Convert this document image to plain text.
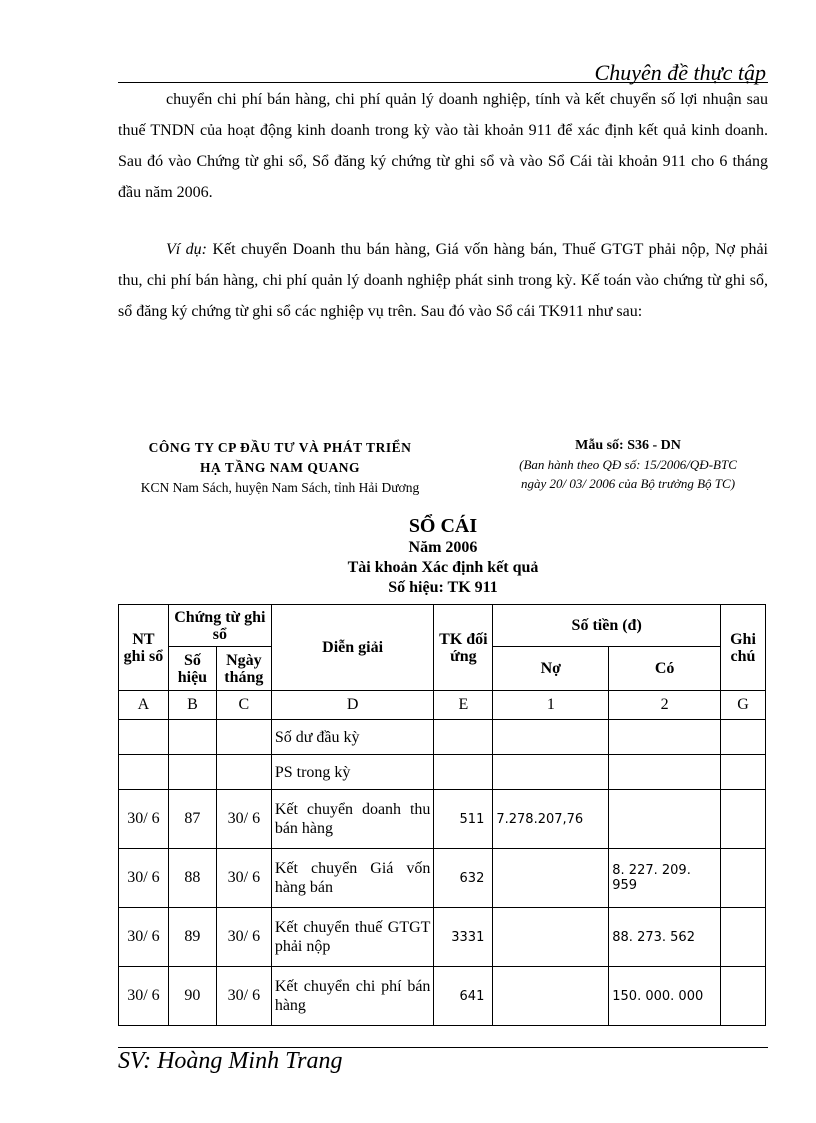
Chuyên đề thực tập
chuyển chi phí bán hàng, chi phí quản lý doanh nghiệp, tính và kết chuyển số lợi nhuận sau thuế TNDN của hoạt động kinh doanh trong kỳ vào tài khoản 911 để xác định kết quả kinh doanh. Sau đó vào Chứng từ ghi sổ, Sổ đăng ký chứng từ ghi sổ và vào Sổ Cái tài khoản 911 cho 6 tháng đầu năm 2006.
Ví dụ: Kết chuyển Doanh thu bán hàng, Giá vốn hàng bán, Thuế GTGT phải nộp, Nợ phải thu, chi phí bán hàng, chi phí quản lý doanh nghiệp phát sinh trong kỳ. Kế toán vào chứng từ ghi sổ, sổ đăng ký chứng từ ghi sổ các nghiệp vụ trên. Sau đó vào Sổ cái TK911 như sau:
CÔNG TY CP ĐẦU TƯ VÀ PHÁT TRIỂN
HẠ TẦNG NAM QUANG
KCN Nam Sách, huyện Nam Sách, tỉnh Hải Dương
Mẫu số: S36 - DN
(Ban hành theo QĐ số: 15/2006/QĐ-BTC
ngày 20/ 03/ 2006 của Bộ trưởng Bộ TC)
SỔ CÁI
Năm 2006
Tài khoản Xác định kết quả
Số hiệu: TK 911
NT ghi sổ	Chứng từ ghi sổ		Diễn giải	TK đối ứng	Số tiền (đ)		Ghi chú
	Số hiệu	Ngày tháng			Nợ	Có	
A	B	C	D	E	1	2	G
			Số dư đầu kỳ				
			PS trong kỳ				
30/ 6	87	30/ 6	Kết chuyển doanh thu bán hàng	511	7.278.207,76		
30/ 6	88	30/ 6	Kết chuyển Giá vốn hàng bán	632		8. 227. 209. 959	
30/ 6	89	30/ 6	Kết chuyển thuế GTGT phải nộp	3331		88. 273. 562	
30/ 6	90	30/ 6	Kết chuyển chi phí bán hàng	641		150. 000. 000	
SV: Hoàng Minh Trang
